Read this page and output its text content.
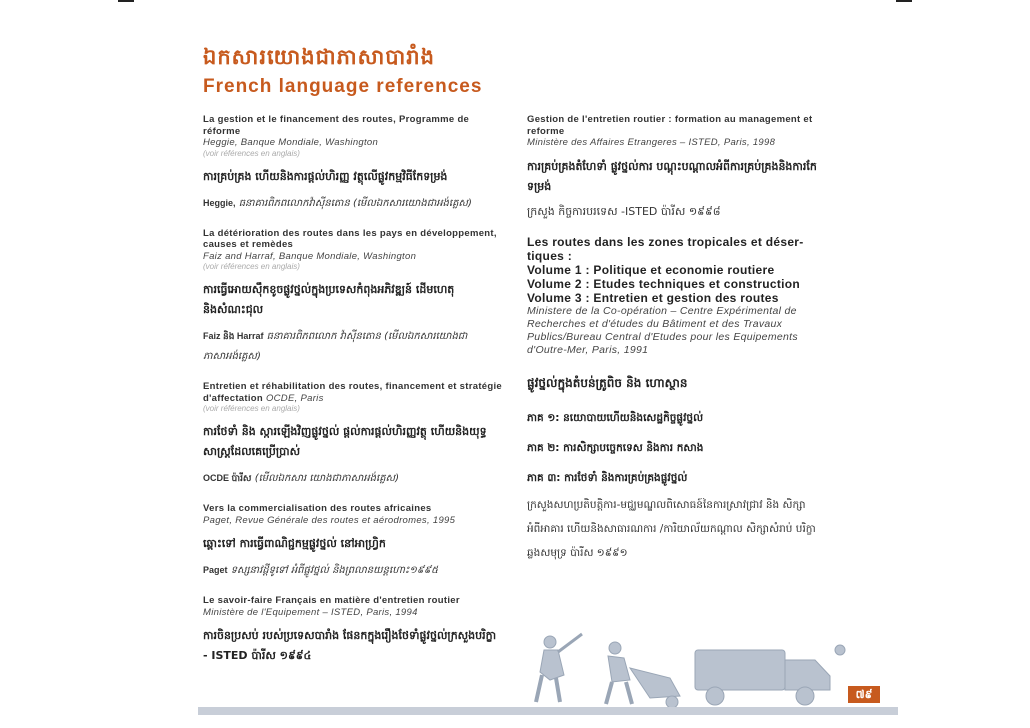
ឯកសារយោងជាភាសាបារាំង
French language references
La gestion et le financement des routes, Programme de réforme
Heggie, Banque Mondiale, Washington
(voir références en anglais)
ការគ្រប់គ្រង ហើយនិងការផ្តល់ហិរញ្ញ វត្ថុលើផ្លូវកម្មវិធីកែទម្រង់
Heggie, ធនាគារពិភពលោកវ៉ាស៊ីនតោន (មើលឯកសារយោងជាអង់គ្លេស)
La détérioration des routes dans les pays en développement, causes et remèdes
Faiz and Harraf, Banque Mondiale, Washington
(voir références en anglais)
ការធ្វើអោយស៊ឹកខូចផ្លូវថ្នល់ក្នុងប្រទេសកំពុងអភិវឌ្ឍន៍ ដើមហេតុ និងសំណះជុល
Faiz និង Harraf ធនាគារពិភពលោក វ៉ាស៊ីនតោន (មើលឯកសារយោងជាភាសាអង់គ្លេស)
Entretien et réhabilitation des routes, financement et stratégie d'affectation OCDE, Paris
(voir références en anglais)
ការថែទាំ និង ស្ការឡើងវិញផ្លូវថ្នល់ ផ្តល់ការផ្តល់ហិរញ្ញវត្ថុ ហើយនិងយុទ្ធសាស្រ្តដែលគេប្រើប្រាស់
OCDE ប៉ារីស (មើលឯកសារ យោងជាភាសាអង់គ្លេស)
Vers la commercialisation des routes africaines
Paget, Revue Générale des routes et aérodromes, 1995
ឆ្ពោះទៅ ការធ្វើពាណិជ្ជកម្មផ្លូវថ្នល់ នៅអាហ្វ្រិក
Paget ទស្សនាវដ្ដីទូទៅ អំពីផ្លូវថ្នល់ និងព្រលានយន្តហោះ១៩៩៥
Le savoir-faire Français en matière d'entretien routier
Ministère de l'Equipement – ISTED, Paris, 1994
ការចិនប្រសប់ របស់ប្រទេសបារាំង ផែនកក្នុងរឿងថែទាំផ្លូវថ្នល់ក្រសួងបរិក្ខា - ISTED ប៉ារីស ១៩៩៤
Gestion de l'entretien routier : formation au management et reforme
Ministère des Affaires Etrangeres – ISTED, Paris, 1998
ការគ្រប់គ្រងតំហែទាំ ផ្លូវថ្នល់ការ បណ្តុះបណ្តាលអំពីការគ្រប់គ្រងនិងការកែទម្រង់
ក្រសួង កិច្ចការបរទេស -ISTED ប៉ារីស ១៩៩៨
Les routes dans les zones tropicales et déser-
tiques :
Volume 1 : Politique et economie routiere
Volume 2 : Etudes techniques et construction
Volume 3 : Entretien et gestion des routes
Ministere de la Co-opération – Centre Expérimental de Recherches et d'études du Bâtiment et des Travaux Publics/Bureau Central d'Etudes pour les Equipements d'Outre-Mer, Paris, 1991
ផ្លូវថ្នល់ក្នុងតំបន់ត្រូពិច និង ហោស្ថាន
ភាគ ១: នយោបាយហើយនិងសេដ្ឋកិច្ចផ្លូវថ្នល់
ភាគ ២: ការសិក្សាបច្ចេកទេស និងការ កសាង
ភាគ ៣: ការថែទាំ និងការគ្រប់គ្រងផ្លូវថ្នល់
ក្រសួងសហប្រតិបត្តិការ-មជ្ឈមណ្ឌលពិសោធន៍នៃការស្រាវជ្រាវ និង សិក្សា អំពីអាគារ ហើយនិងសាធារណការ /ការិយាល័យកណ្តាល សិក្សាសំរាប់ បរិក្ខាឆ្លងសមុទ្រ ប៉ារីស ១៩៩១
៧៩
